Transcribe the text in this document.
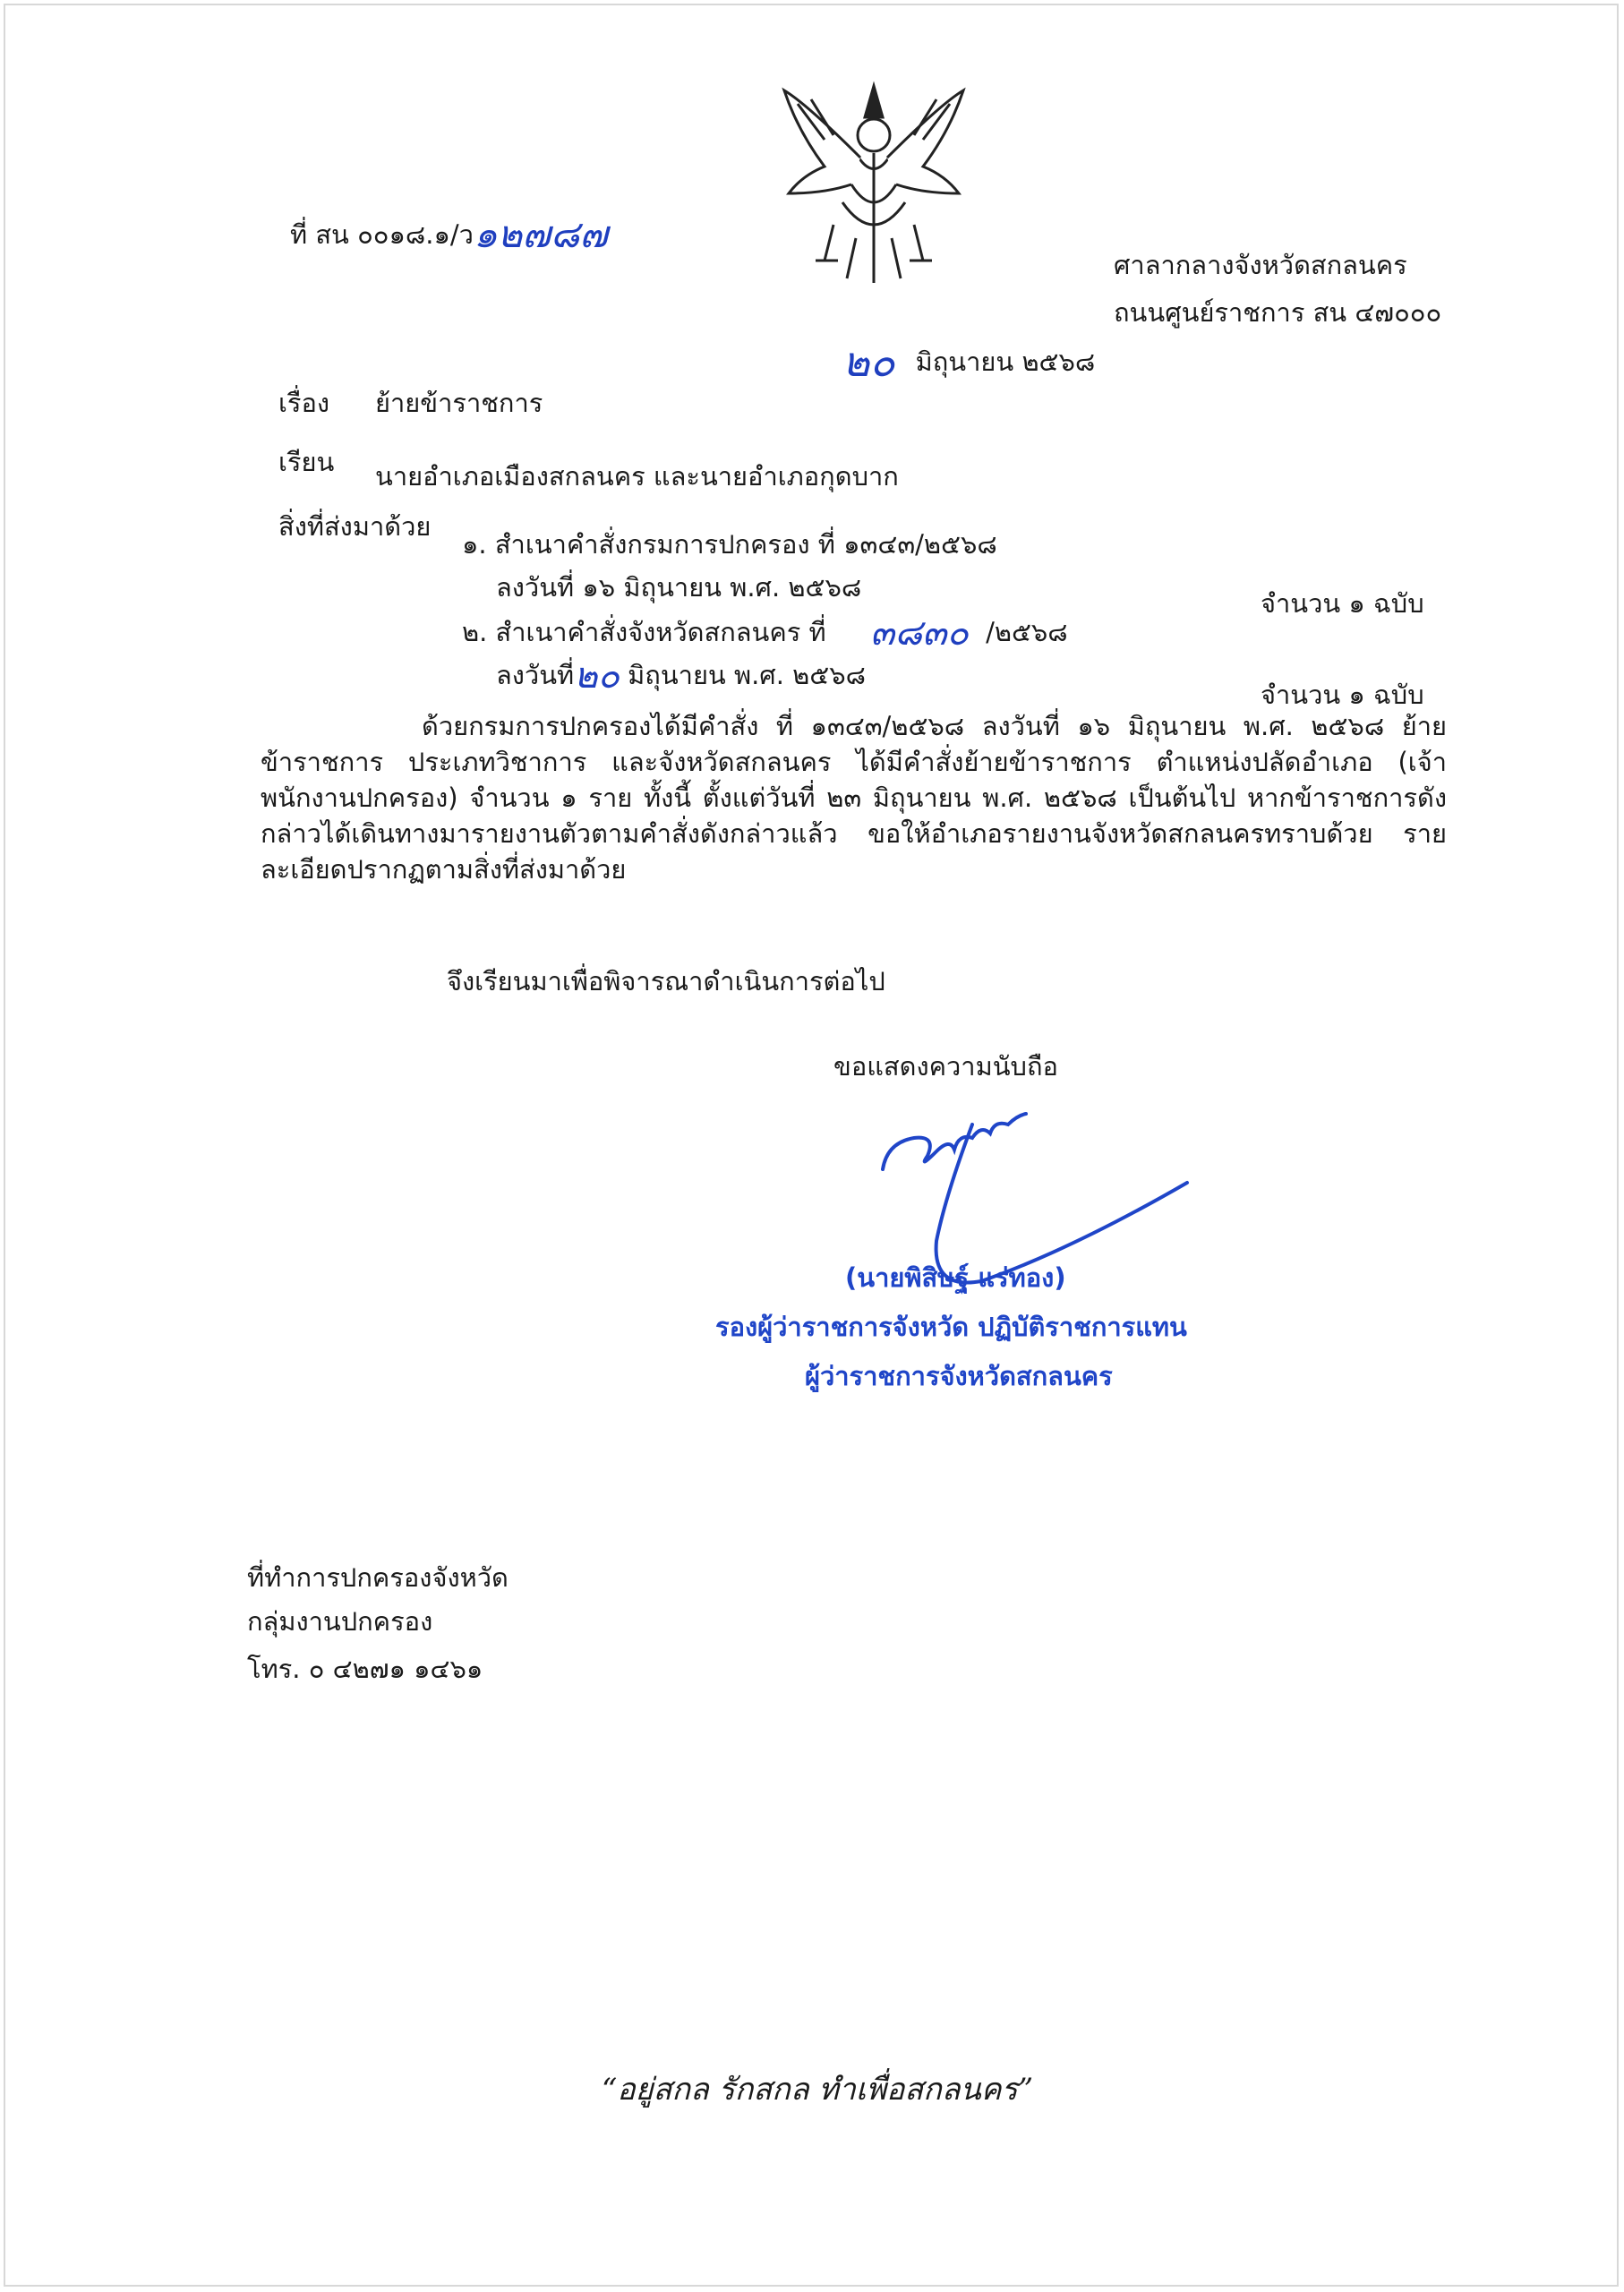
ที่ สน ๐๐๑๘.๑/ว๑๒๗๘๗
ศาลากลางจังหวัดสกลนคร
ถนนศูนย์ราชการ สน ๔๗๐๐๐
๒๐ มิถุนายน ๒๕๖๘
เรื่อง ย้ายข้าราชการ
เรียน นายอำเภอเมืองสกลนคร และนายอำเภอกุดบาก
สิ่งที่ส่งมาด้วย
๑. สำเนาคำสั่งกรมการปกครอง ที่ ๑๓๔๓/๒๕๖๘
ลงวันที่ ๑๖ มิถุนายน พ.ศ. ๒๕๖๘
จำนวน ๑ ฉบับ
๒. สำเนาคำสั่งจังหวัดสกลนคร ที่ ๓๘๓๐ /๒๕๖๘
ลงวันที่๒๐ มิถุนายน พ.ศ. ๒๕๖๘
จำนวน ๑ ฉบับ
ด้วยกรมการปกครองได้มีคำสั่ง ที่ ๑๓๔๓/๒๕๖๘ ลงวันที่ ๑๖ มิถุนายน พ.ศ. ๒๕๖๘ ย้ายข้าราชการ ประเภทวิชาการ และจังหวัดสกลนคร ได้มีคำสั่งย้ายข้าราชการ ตำแหน่งปลัดอำเภอ (เจ้าพนักงานปกครอง) จำนวน ๑ ราย ทั้งนี้ ตั้งแต่วันที่ ๒๓ มิถุนายน พ.ศ. ๒๕๖๘ เป็นต้นไป หากข้าราชการดังกล่าวได้เดินทางมารายงานตัวตามคำสั่งดังกล่าวแล้ว ขอให้อำเภอรายงานจังหวัดสกลนครทราบด้วย รายละเอียดปรากฏตามสิ่งที่ส่งมาด้วย
จึงเรียนมาเพื่อพิจารณาดำเนินการต่อไป
ขอแสดงความนับถือ
(นายพิสิษฐ์ แร่ทอง)
รองผู้ว่าราชการจังหวัด ปฏิบัติราชการแทน
ผู้ว่าราชการจังหวัดสกลนคร
ที่ทำการปกครองจังหวัด
กลุ่มงานปกครอง
โทร. ๐ ๔๒๗๑ ๑๔๖๑
“อยู่สกล รักสกล ทำเพื่อสกลนคร”
